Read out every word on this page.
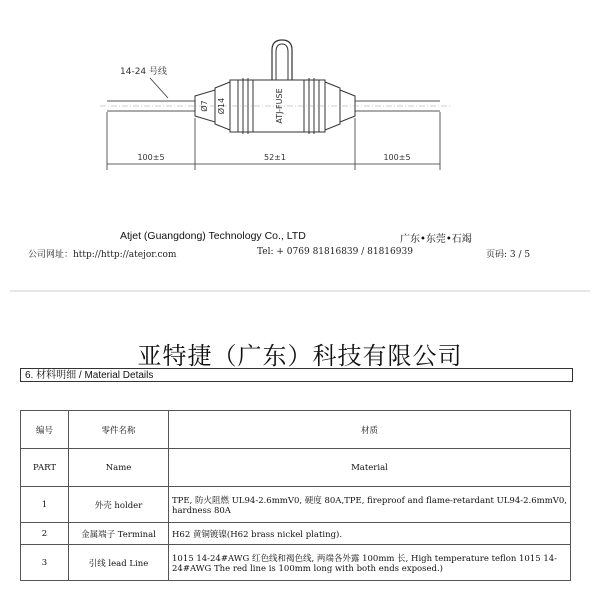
ATJ-FUSE
Ø7 Ø14
14-24 号线
100±5	52±1	100±5
Atjet (Guangdong) Technology Co., LTD	广东•东莞•石竭
公司网址：http://http://atejor.com	Tel: + 0769 81816839 / 81816939	页码: 3 / 5
亚特捷（广东）科技有限公司
6. 材料明细 / Material Details
编号	零件名称	材质
PART	Name	Material
1	外壳 holder	TPE, 防火阻燃 UL94-2.6mmV0, 硬度 80A,TPE, fireproof and flame-retardant UL94-2.6mmV0, hardness 80A
2	金属端子 Terminal	H62 黄铜镀镍(H62 brass nickel plating).
3	引线 lead Line	1015 14-24#AWG 红色线和褐色线, 两端各外露 100mm 长, High temperature teflon 1015 14-24#AWG The red line is 100mm long with both ends exposed.)
